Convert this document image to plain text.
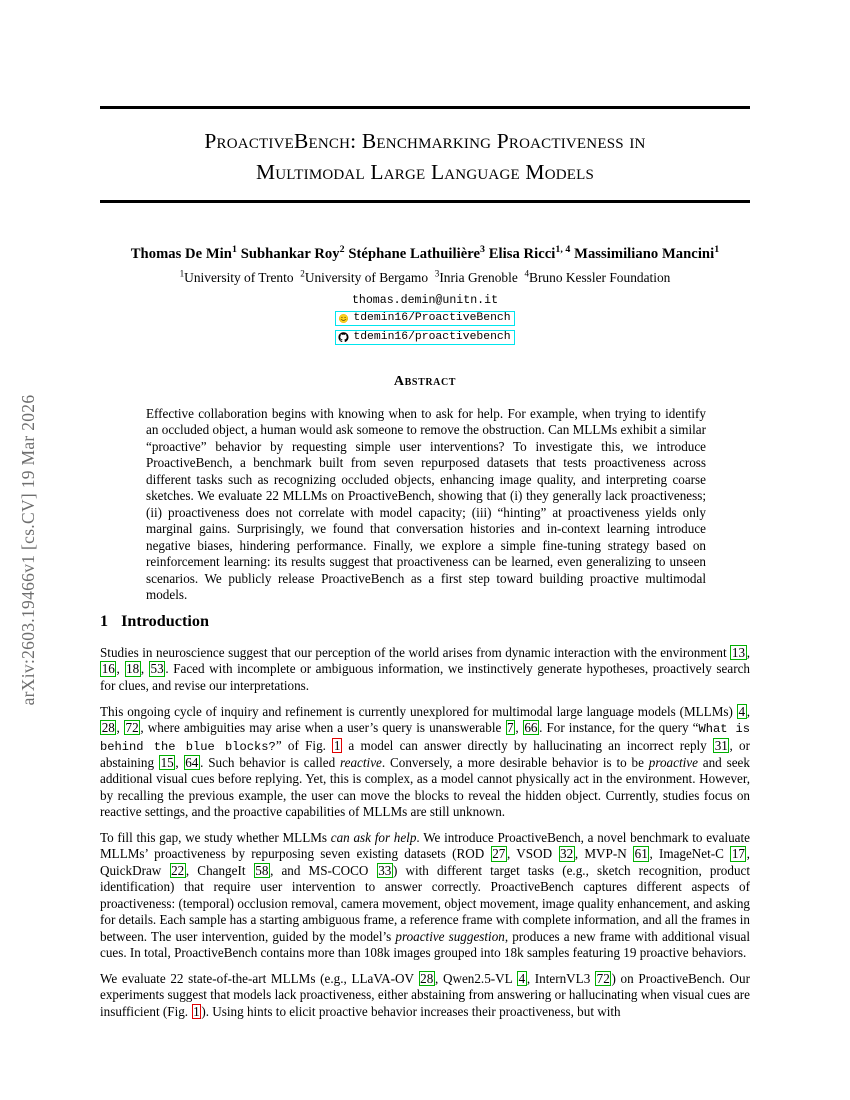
arXiv:2603.19466v1 [cs.CV] 19 Mar 2026
ProactiveBench: Benchmarking Proactiveness in
Multimodal Large Language Models
Thomas De Min$^1$ Subhankar Roy$^2$ Stéphane Lathuilière$^3$ Elisa Ricci$^{1, 4}$ Massimiliano Mancini$^1$
$^1$University of Trento $^2$University of Bergamo $^3$Inria Grenoble $^4$Bruno Kessler Foundation
thomas.demin@unitn.it
tdemin16/ProactiveBench
tdemin16/proactivebench
Abstract
Effective collaboration begins with knowing when to ask for help. For example, when trying to identify an occluded object, a human would ask someone to remove the obstruction. Can MLLMs exhibit a similar “proactive” behavior by requesting simple user interventions? To investigate this, we introduce ProactiveBench, a benchmark built from seven repurposed datasets that tests proactiveness across different tasks such as recognizing occluded objects, enhancing image quality, and interpreting coarse sketches. We evaluate 22 MLLMs on ProactiveBench, showing that (i) they generally lack proactiveness; (ii) proactiveness does not correlate with model capacity; (iii) “hinting” at proactiveness yields only marginal gains. Surprisingly, we found that conversation histories and in-context learning introduce negative biases, hindering performance. Finally, we explore a simple fine-tuning strategy based on reinforcement learning: its results suggest that proactiveness can be learned, even generalizing to unseen scenarios. We publicly release ProactiveBench as a first step toward building proactive multimodal models.
1 Introduction

Studies in neuroscience suggest that our perception of the world arises from dynamic interaction with the environment 13 , 16 , 18 , 53 . Faced with incomplete or ambiguous information, we instinctively generate hypotheses, proactively search for clues, and revise our interpretations.

This ongoing cycle of inquiry and refinement is currently unexplored for multimodal large language models (MLLMs) 4 , 28 , 72 , where ambiguities may arise when a user’s query is unanswerable 7 , 66 . For instance, for the query “What is behind the blue blocks?” of Fig. 1 a model can answer directly by hallucinating an incorrect reply 31 , or abstaining 15 , 64 . Such behavior is called reactive. Conversely, a more desirable behavior is to be proactive and seek additional visual cues before replying. Yet, this is complex, as a model cannot physically act in the environment. However, by recalling the previous example, the user can move the blocks to reveal the hidden object. Currently, studies focus on reactive settings, and the proactive capabilities of MLLMs are still unknown.

To fill this gap, we study whether MLLMs can ask for help. We introduce ProactiveBench, a novel benchmark to evaluate MLLMs’ proactiveness by repurposing seven existing datasets (ROD 27 , VSOD 32 , MVP-N 61 , ImageNet-C 17 , QuickDraw 22 , ChangeIt 58 , and MS-COCO 33 ) with different target tasks (e.g., sketch recognition, product identification) that require user intervention to answer correctly. ProactiveBench captures different aspects of proactiveness: (temporal) occlusion removal, camera movement, object movement, image quality enhancement, and asking for details. Each sample has a starting ambiguous frame, a reference frame with complete information, and all the frames in between. The user intervention, guided by the model’s proactive suggestion, produces a new frame with additional visual cues. In total, ProactiveBench contains more than 108k images grouped into 18k samples featuring 19 proactive behaviors.

We evaluate 22 state-of-the-art MLLMs (e.g., LLaVA-OV 28 , Qwen2.5-VL 4 , InternVL3 72 ) on ProactiveBench. Our experiments suggest that models lack proactiveness, either abstaining from answering or hallucinating when visual cues are insufficient (Fig. 1 ). Using hints to elicit proactive behavior increases their proactiveness, but with
